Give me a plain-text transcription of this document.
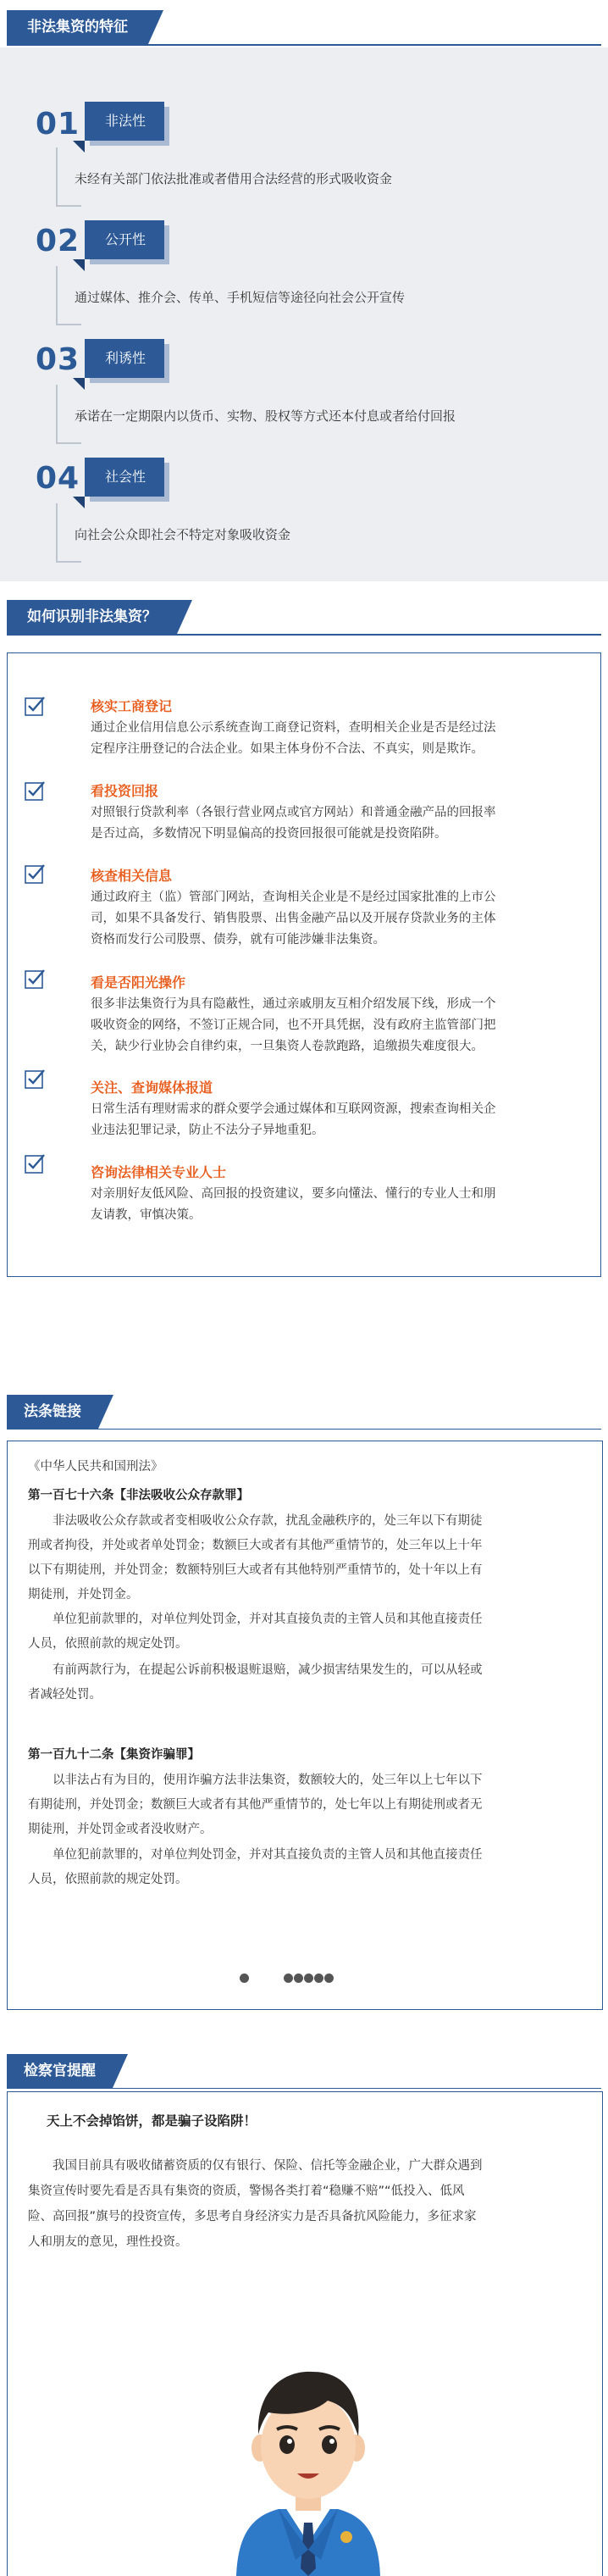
非法集资的特征
01	非法性
未经有关部门依法批准或者借用合法经营的形式吸收资金
02	公开性
通过媒体、推介会、传单、手机短信等途径向社会公开宣传
03	利诱性
承诺在一定期限内以货币、实物、股权等方式还本付息或者给付回报
04	社会性
向社会公众即社会不特定对象吸收资金
如何识别非法集资？
核实工商登记
通过企业信用信息公示系统查询工商登记资料，查明相关企业是否是经过法
定程序注册登记的合法企业。如果主体身份不合法、不真实，则是欺诈。
看投资回报
对照银行贷款利率（各银行营业网点或官方网站）和普通金融产品的回报率
是否过高，多数情况下明显偏高的投资回报很可能就是投资陷阱。
核查相关信息
通过政府主（监）管部门网站，查询相关企业是不是经过国家批准的上市公
司，如果不具备发行、销售股票、出售金融产品以及开展存贷款业务的主体
资格而发行公司股票、债券，就有可能涉嫌非法集资。
看是否阳光操作
很多非法集资行为具有隐蔽性，通过亲戚朋友互相介绍发展下线，形成一个
吸收资金的网络，不签订正规合同，也不开具凭据，没有政府主监管部门把
关，缺少行业协会自律约束，一旦集资人卷款跑路，追缴损失难度很大。
关注、查询媒体报道
日常生活有理财需求的群众要学会通过媒体和互联网资源，搜索查询相关企
业违法犯罪记录，防止不法分子异地重犯。
咨询法律相关专业人士
对亲朋好友低风险、高回报的投资建议，要多向懂法、懂行的专业人士和朋
友请教，审慎决策。
法条链接
《中华人民共和国刑法》
第一百七十六条【非法吸收公众存款罪】
非法吸收公众存款或者变相吸收公众存款，扰乱金融秩序的，处三年以下有期徒
刑或者拘役，并处或者单处罚金；数额巨大或者有其他严重情节的，处三年以上十年
以下有期徒刑，并处罚金；数额特别巨大或者有其他特别严重情节的，处十年以上有
期徒刑，并处罚金。
单位犯前款罪的，对单位判处罚金，并对其直接负责的主管人员和其他直接责任
人员，依照前款的规定处罚。
有前两款行为，在提起公诉前积极退赃退赔，减少损害结果发生的，可以从轻或
者减轻处罚。
第一百九十二条【集资诈骗罪】
以非法占有为目的，使用诈骗方法非法集资，数额较大的，处三年以上七年以下
有期徒刑，并处罚金；数额巨大或者有其他严重情节的，处七年以上有期徒刑或者无
期徒刑，并处罚金或者没收财产。
单位犯前款罪的，对单位判处罚金，并对其直接负责的主管人员和其他直接责任
人员，依照前款的规定处罚。
检察官提醒
天上不会掉馅饼，都是骗子设陷阱！
我国目前具有吸收储蓄资质的仅有银行、保险、信托等金融企业，广大群众遇到
集资宣传时要先看是否具有集资的资质，警惕各类打着“稳赚不赔”“低投入、低风
险、高回报”旗号的投资宣传，多思考自身经济实力是否具备抗风险能力，多征求家
人和朋友的意见，理性投资。
